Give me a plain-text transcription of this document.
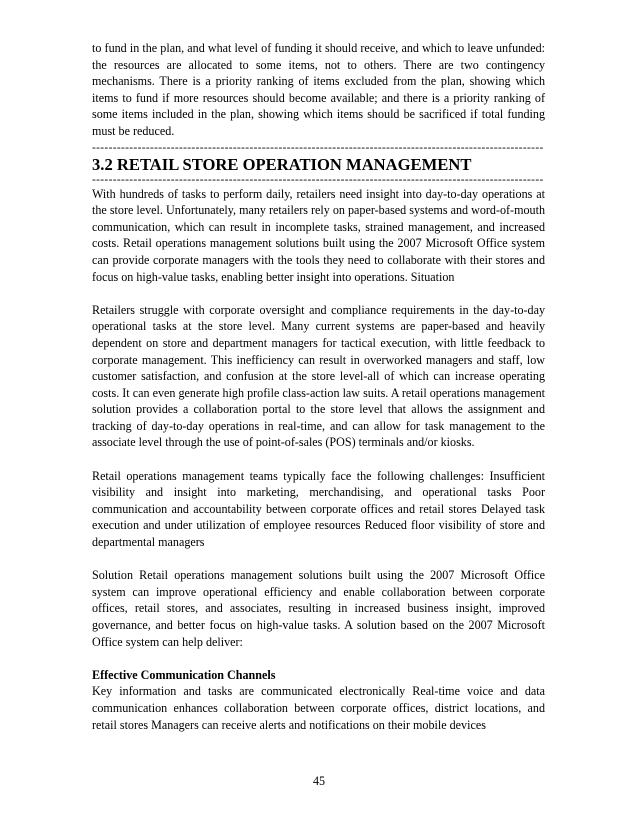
to fund in the plan, and what level of funding it should receive, and which to leave unfunded: the resources are allocated to some items, not to others. There are two contingency mechanisms. There is a priority ranking of items excluded from the plan, showing which items to fund if more resources should become available; and there is a priority ranking of some items included in the plan, showing which items should be sacrificed if total funding must be reduced.

-------------------------------------------------------------------------------------------------------------
3.2 RETAIL STORE OPERATION MANAGEMENT
-------------------------------------------------------------------------------------------------------------

With hundreds of tasks to perform daily, retailers need insight into day-to-day operations at the store level. Unfortunately, many retailers rely on paper-based systems and word-of-mouth communication, which can result in incomplete tasks, strained management, and increased costs. Retail operations management solutions built using the 2007 Microsoft Office system can provide corporate managers with the tools they need to collaborate with their stores and focus on high-value tasks, enabling better insight into operations. Situation

Retailers struggle with corporate oversight and compliance requirements in the day-to-day operational tasks at the store level. Many current systems are paper-based and heavily dependent on store and department managers for tactical execution, with little feedback to corporate management. This inefficiency can result in overworked managers and staff, low customer satisfaction, and confusion at the store level-all of which can increase operating costs. It can even generate high profile class-action law suits. A retail operations management solution provides a collaboration portal to the store level that allows the assignment and tracking of day-to-day operations in real-time, and can allow for task management to the associate level through the use of point-of-sales (POS) terminals and/or kiosks.

Retail operations management teams typically face the following challenges: Insufficient visibility and insight into marketing, merchandising, and operational tasks Poor communication and accountability between corporate offices and retail stores Delayed task execution and under utilization of employee resources Reduced floor visibility of store and departmental managers

Solution Retail operations management solutions built using the 2007 Microsoft Office system can improve operational efficiency and enable collaboration between corporate offices, retail stores, and associates, resulting in increased business insight, improved governance, and better focus on high-value tasks. A solution based on the 2007 Microsoft Office system can help deliver:

Effective Communication Channels

Key information and tasks are communicated electronically Real-time voice and data communication enhances collaboration between corporate offices, district locations, and retail stores Managers can receive alerts and notifications on their mobile devices

45
